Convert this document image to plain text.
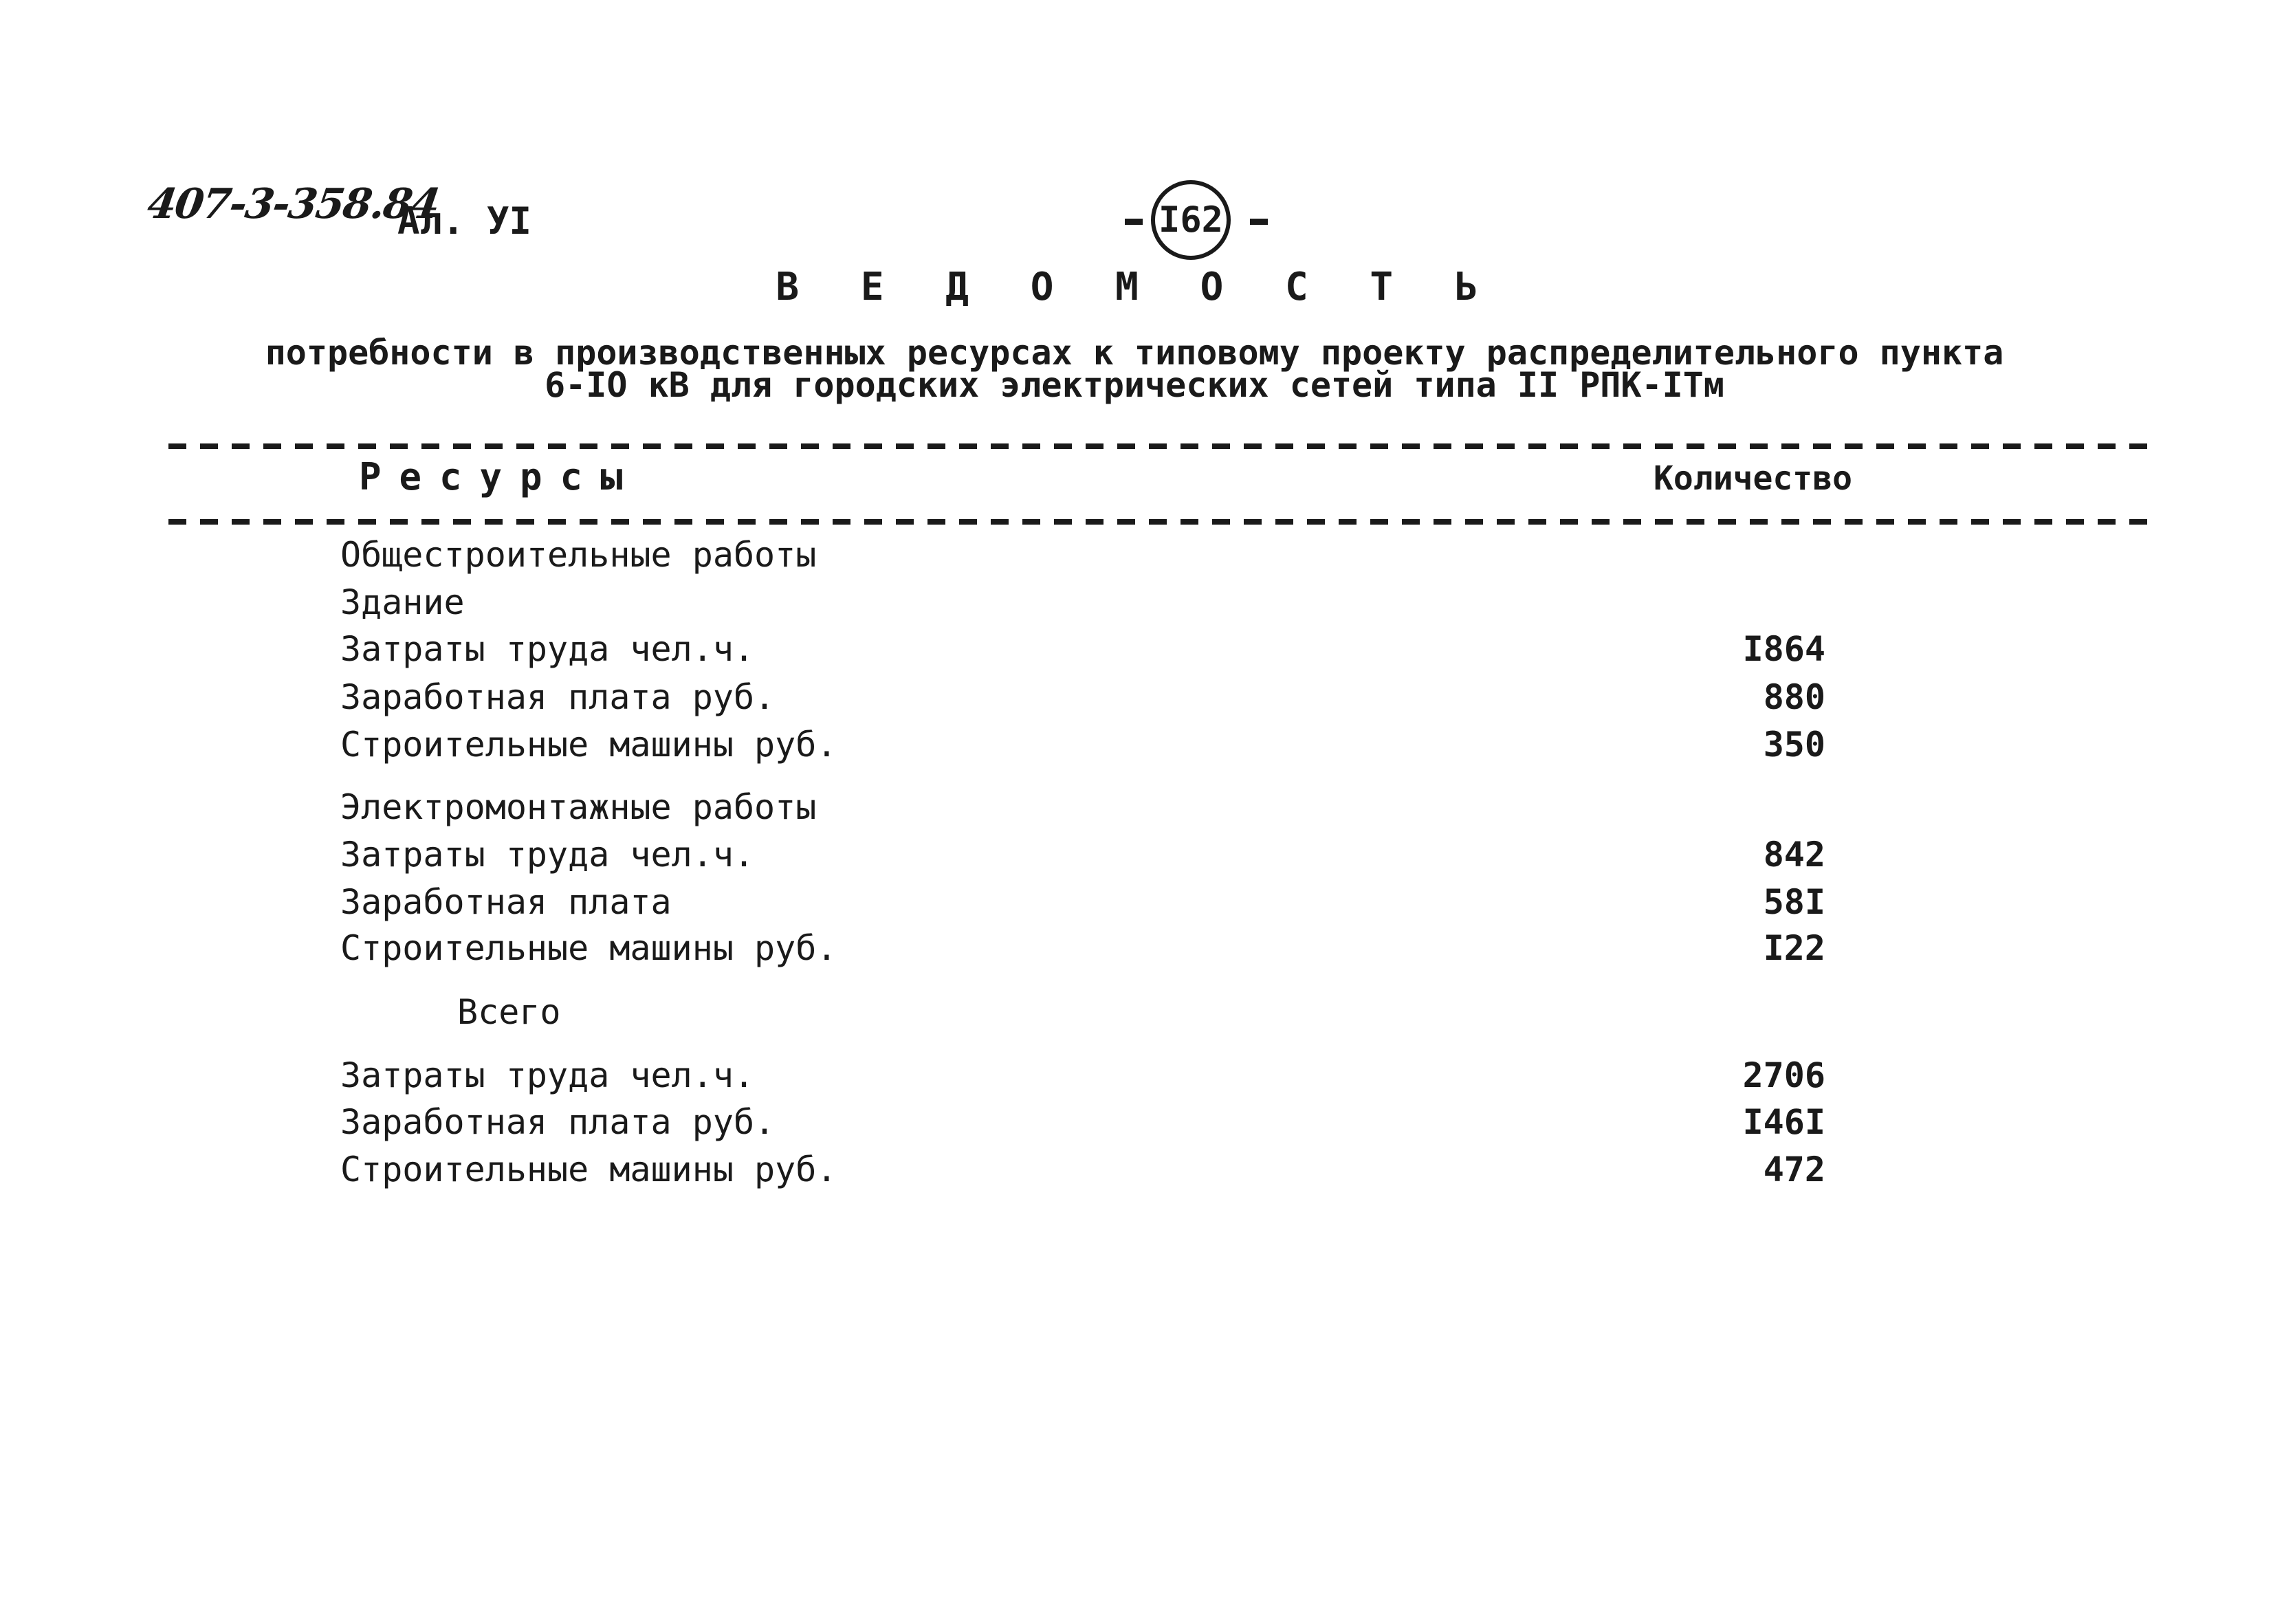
407-3-358.84
Ал. УI	I62
В Е Д О М О С Т Ь
потребности в производственных ресурсах к типовому проекту распределительного пункта
6-IO кВ для городских электрических сетей типа II РПК-IТм
Ресурсы	Количество
Общестроительные работы
Здание
Затраты труда чел.ч.	I864
Заработная плата руб.	880
Строительные машины руб.	350
Электромонтажные работы
Затраты труда чел.ч.	842
Заработная плата	58I
Строительные машины руб.	I22
Всего
Затраты труда чел.ч.	2706
Заработная плата руб.	I46I
Строительные машины руб.	472
